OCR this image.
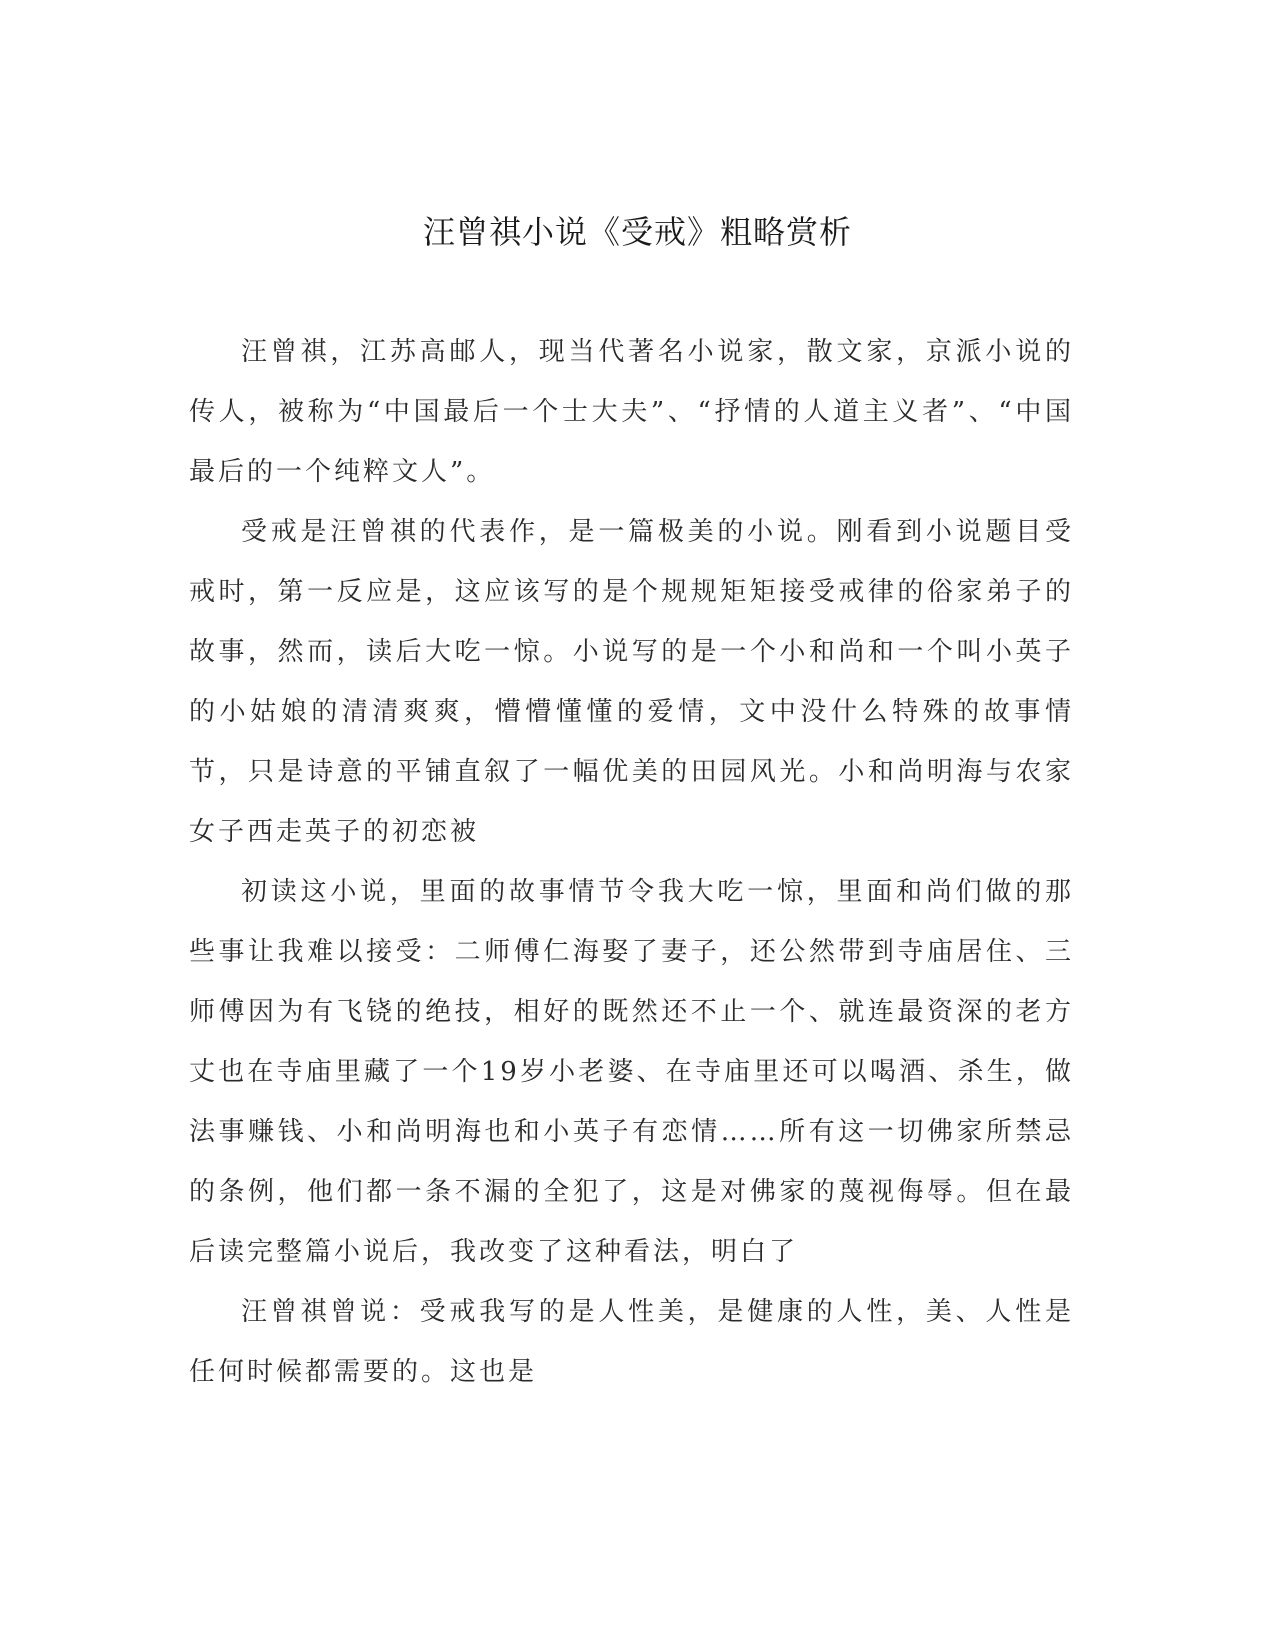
汪曾祺小说《受戒》粗略赏析

汪曾祺，江苏高邮人，现当代著名小说家，散文家，京派小说的传人，被称为“中国最后一个士大夫”、“抒情的人道主义者”、“中国最后的一个纯粹文人”。

受戒是汪曾祺的代表作，是一篇极美的小说。刚看到小说题目受戒时，第一反应是，这应该写的是个规规矩矩接受戒律的俗家弟子的故事，然而，读后大吃一惊。小说写的是一个小和尚和一个叫小英子的小姑娘的清清爽爽，懵懵懂懂的爱情，文中没什么特殊的故事情节，只是诗意的平铺直叙了一幅优美的田园风光。小和尚明海与农家女子西走英子的初恋被

初读这小说，里面的故事情节令我大吃一惊，里面和尚们做的那些事让我难以接受：二师傅仁海娶了妻子，还公然带到寺庙居住、三师傅因为有飞铙的绝技，相好的既然还不止一个、就连最资深的老方丈也在寺庙里藏了一个19岁小老婆、在寺庙里还可以喝酒、杀生，做法事赚钱、小和尚明海也和小英子有恋情……所有这一切佛家所禁忌的条例，他们都一条不漏的全犯了，这是对佛家的蔑视侮辱。但在最后读完整篇小说后，我改变了这种看法，明白了

汪曾祺曾说：受戒我写的是人性美，是健康的人性，美、人性是任何时候都需要的。这也是
